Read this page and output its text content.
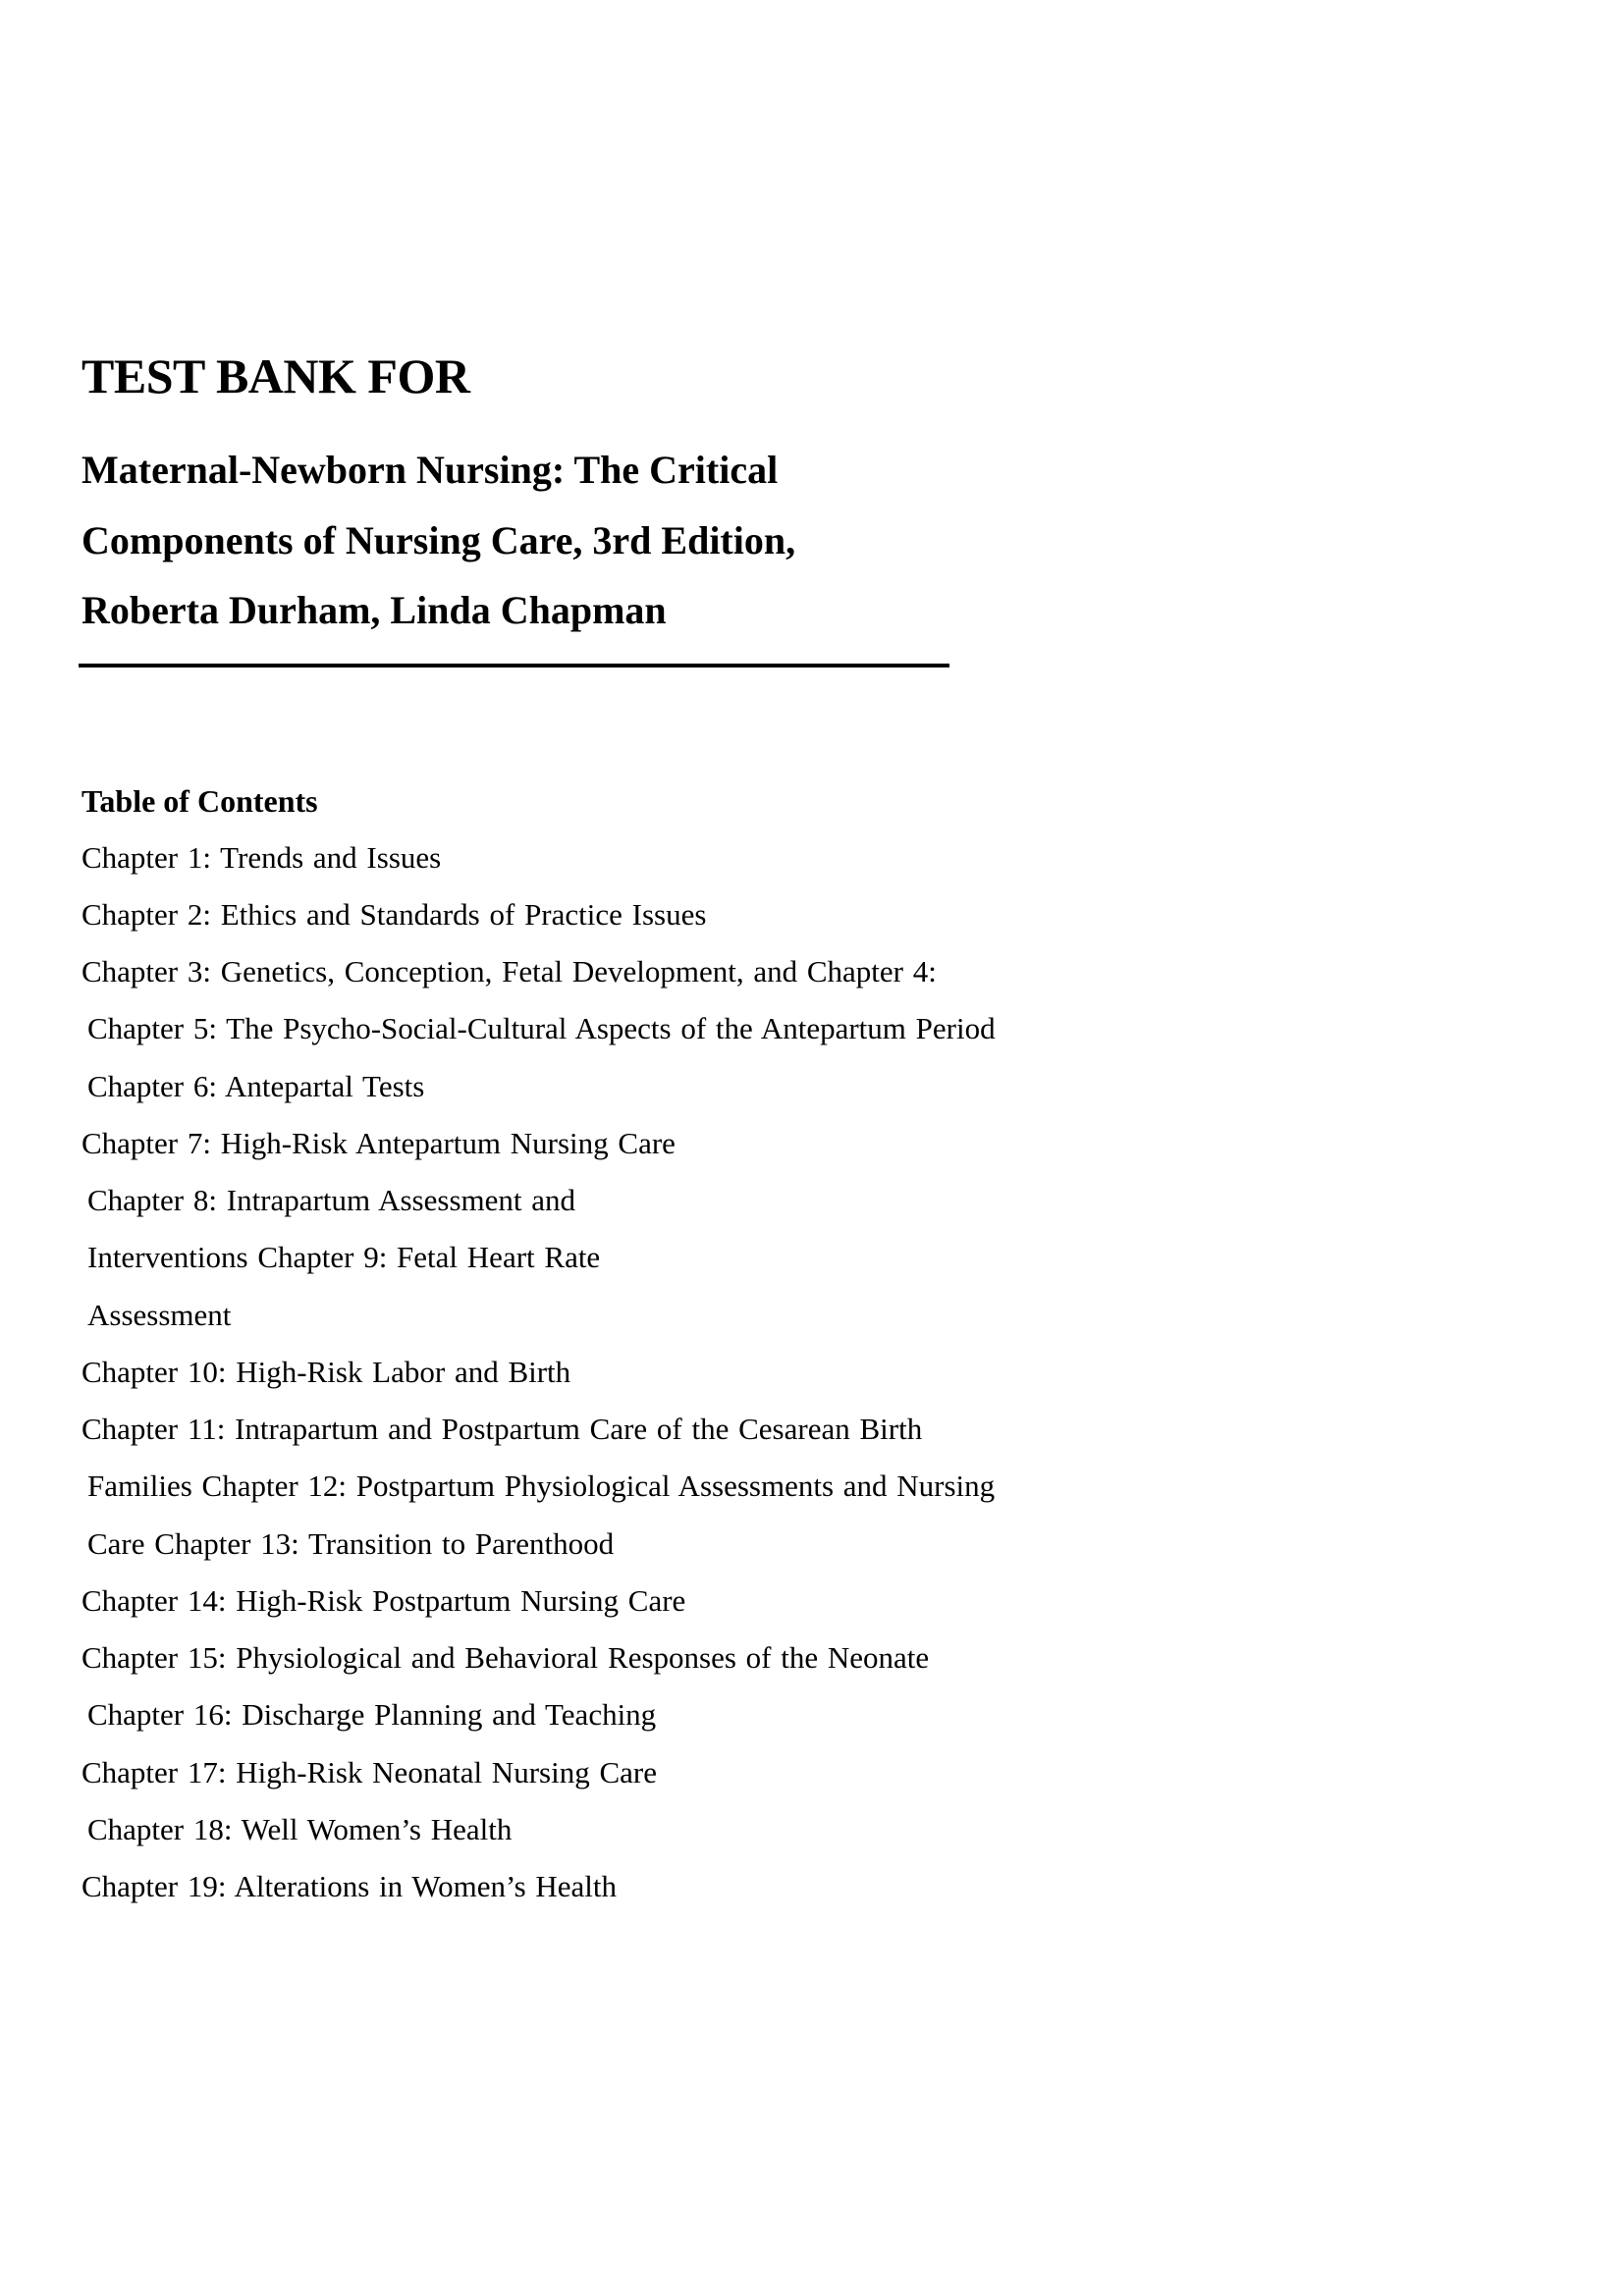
TEST BANK FOR
Maternal-Newborn Nursing: The Critical
Components of Nursing Care, 3rd Edition,
Roberta Durham, Linda Chapman
Table of Contents
Chapter 1: Trends and Issues
Chapter 2: Ethics and Standards of Practice Issues
Chapter 3: Genetics, Conception, Fetal Development, and Chapter 4:
Chapter 5: The Psycho-Social-Cultural Aspects of the Antepartum Period
Chapter 6: Antepartal Tests
Chapter 7: High-Risk Antepartum Nursing Care
Chapter 8: Intrapartum Assessment and
Interventions Chapter 9: Fetal Heart Rate
Assessment
Chapter 10: High-Risk Labor and Birth
Chapter 11: Intrapartum and Postpartum Care of the Cesarean Birth
Families Chapter 12: Postpartum Physiological Assessments and Nursing
Care Chapter 13: Transition to Parenthood
Chapter 14: High-Risk Postpartum Nursing Care
Chapter 15: Physiological and Behavioral Responses of the Neonate
Chapter 16: Discharge Planning and Teaching
Chapter 17: High-Risk Neonatal Nursing Care
Chapter 18: Well Women’s Health
Chapter 19: Alterations in Women’s Health
